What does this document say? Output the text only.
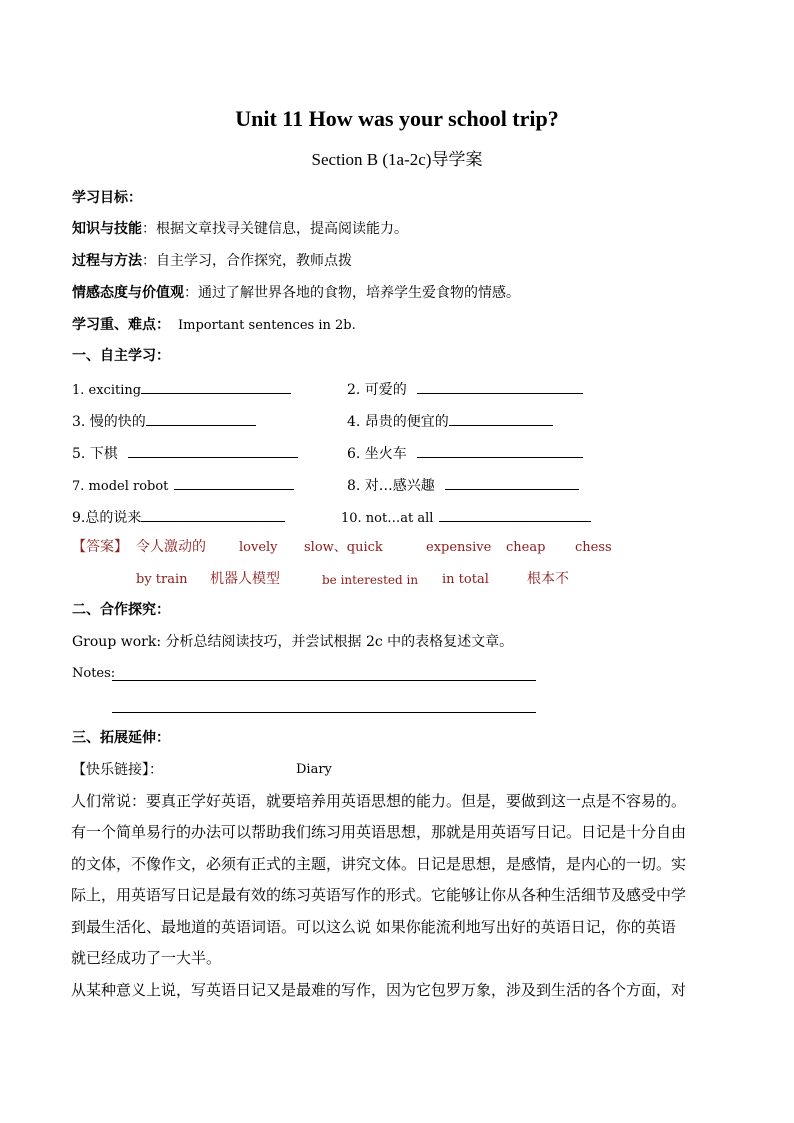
Unit 11 How was your school trip?
Section B (1a-2c)导学案
学习目标：
知识与技能：根据文章找寻关键信息，提高阅读能力。
过程与方法：自主学习，合作探究，教师点拨
情感态度与价值观：通过了解世界各地的食物，培养学生爱食物的情感。
学习重、难点： Important sentences in 2b.
一、自主学习：
1. exciting	2. 可爱的
3. 慢的快的	4. 昂贵的便宜的
5. 下棋	6. 坐火车
7. model robot	8. 对…感兴趣
9.总的说来	10. not…at all
【答案】 令人激动的	lovely slow、quick	expensive cheap chess
by train 机器人模型	be interested in in total	根本不
二、合作探究：
Group work: 分析总结阅读技巧，并尝试根据 2c 中的表格复述文章。
Notes:
三、拓展延伸：
【快乐链接】：	Diary
人们常说：要真正学好英语，就要培养用英语思想的能力。但是，要做到这一点是不容易的。
有一个简单易行的办法可以帮助我们练习用英语思想，那就是用英语写日记。日记是十分自由
的文体，不像作文，必须有正式的主题，讲究文体。日记是思想，是感情，是内心的一切。实
际上，用英语写日记是最有效的练习英语写作的形式。它能够让你从各种生活细节及感受中学
到最生活化、最地道的英语词语。可以这么说 如果你能流利地写出好的英语日记，你的英语
就已经成功了一大半。
从某种意义上说，写英语日记又是最难的写作，因为它包罗万象，涉及到生活的各个方面，对
